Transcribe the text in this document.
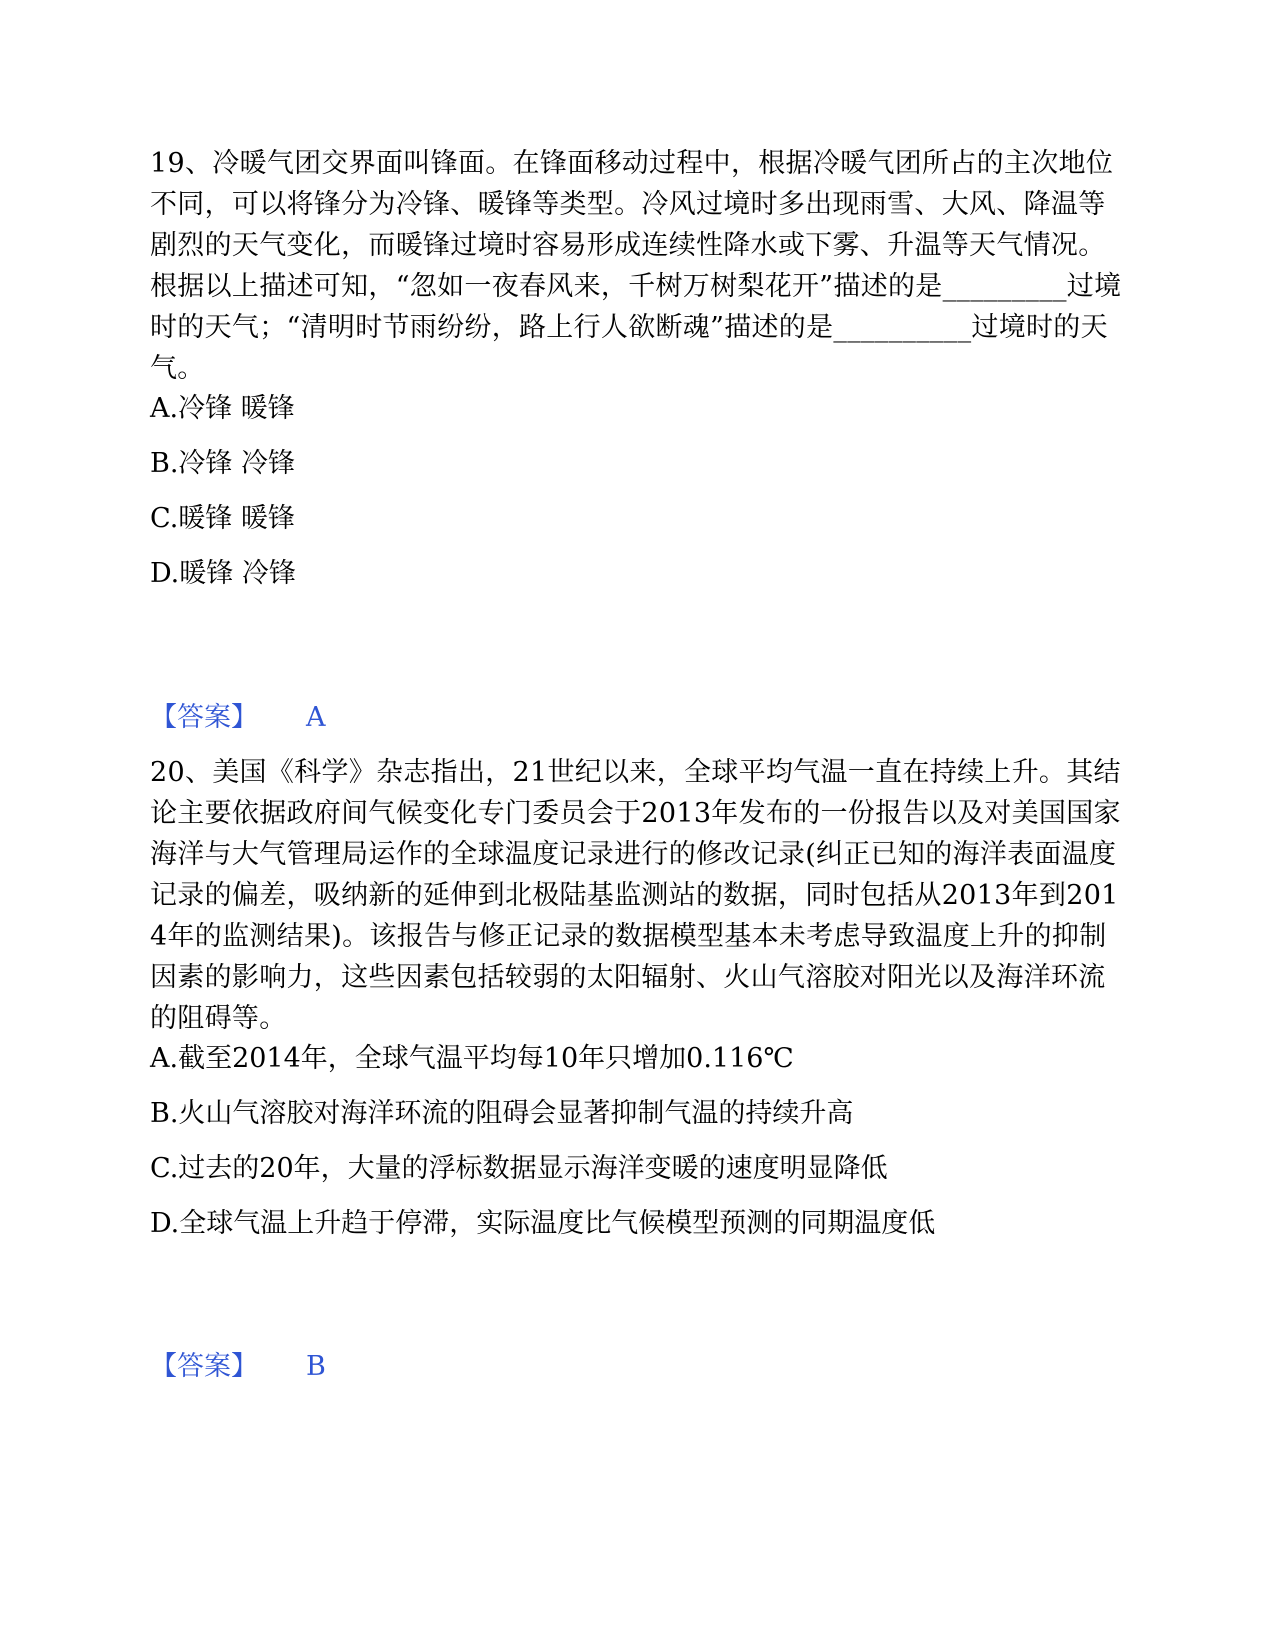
19、冷暖气团交界面叫锋面。在锋面移动过程中，根据冷暖气团所占的主次地位不同，可以将锋分为冷锋、暖锋等类型。冷风过境时多出现雨雪、大风、降温等剧烈的天气变化，而暖锋过境时容易形成连续性降水或下雾、升温等天气情况。根据以上描述可知，“忽如一夜春风来，千树万树梨花开”描述的是_________过境时的天气；“清明时节雨纷纷，路上行人欲断魂”描述的是__________过境时的天气。

A.冷锋 暖锋

B.冷锋 冷锋

C.暖锋 暖锋

D.暖锋 冷锋

【答案】 A

20、美国《科学》杂志指出，21世纪以来，全球平均气温一直在持续上升。其结论主要依据政府间气候变化专门委员会于2013年发布的一份报告以及对美国国家海洋与大气管理局运作的全球温度记录进行的修改记录(纠正已知的海洋表面温度记录的偏差，吸纳新的延伸到北极陆基监测站的数据，同时包括从2013年到2014年的监测结果)。该报告与修正记录的数据模型基本未考虑导致温度上升的抑制因素的影响力，这些因素包括较弱的太阳辐射、火山气溶胶对阳光以及海洋环流的阻碍等。

A.截至2014年，全球气温平均每10年只增加0.116℃

B.火山气溶胶对海洋环流的阻碍会显著抑制气温的持续升高

C.过去的20年，大量的浮标数据显示海洋变暖的速度明显降低

D.全球气温上升趋于停滞，实际温度比气候模型预测的同期温度低

【答案】 B
